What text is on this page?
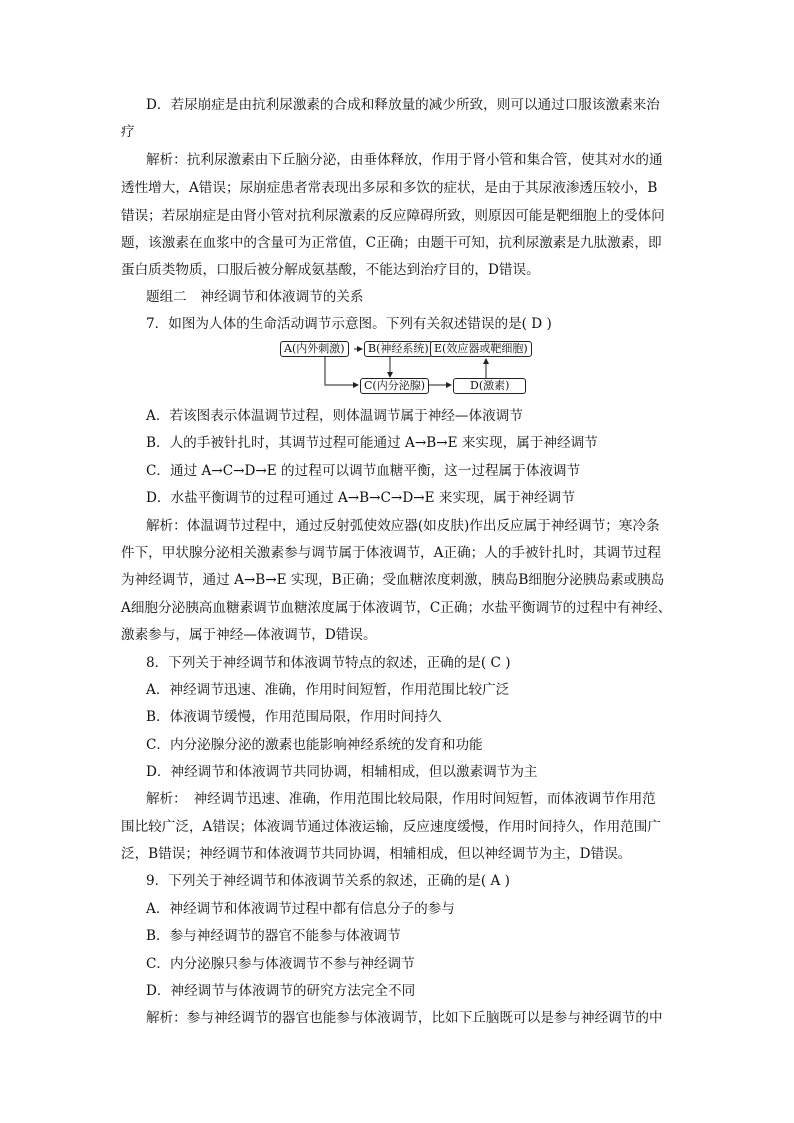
D．若尿崩症是由抗利尿激素的合成和释放量的减少所致，则可以通过口服该激素来治
疗
解析：抗利尿激素由下丘脑分泌，由垂体释放，作用于肾小管和集合管，使其对水的通
透性增大，A错误；尿崩症患者常表现出多尿和多饮的症状，是由于其尿液渗透压较小，B
错误；若尿崩症是由肾小管对抗利尿激素的反应障碍所致，则原因可能是靶细胞上的受体问
题，该激素在血浆中的含量可为正常值，C正确；由题干可知，抗利尿激素是九肽激素，即
蛋白质类物质，口服后被分解成氨基酸，不能达到治疗目的，D错误。
题组二　神经调节和体液调节的关系
7．如图为人体的生命活动调节示意图。下列有关叙述错误的是( D )
A(内外刺激)	B(神经系统) E(效应器或靶细胞)
C(内分泌腺)	D(激素)
A．若该图表示体温调节过程，则体温调节属于神经—体液调节
B．人的手被针扎时，其调节过程可能通过 A→B→E 来实现，属于神经调节
C．通过 A→C→D→E 的过程可以调节血糖平衡，这一过程属于体液调节
D．水盐平衡调节的过程可通过 A→B→C→D→E 来实现，属于神经调节
解析：体温调节过程中，通过反射弧使效应器(如皮肤)作出反应属于神经调节；寒冷条
件下，甲状腺分泌相关激素参与调节属于体液调节，A正确；人的手被针扎时，其调节过程
为神经调节，通过 A→B→E 实现，B正确；受血糖浓度刺激，胰岛B细胞分泌胰岛素或胰岛
A细胞分泌胰高血糖素调节血糖浓度属于体液调节，C正确；水盐平衡调节的过程中有神经、
激素参与，属于神经—体液调节，D错误。
8．下列关于神经调节和体液调节特点的叙述，正确的是( C )
A．神经调节迅速、准确，作用时间短暂，作用范围比较广泛
B．体液调节缓慢，作用范围局限，作用时间持久
C．内分泌腺分泌的激素也能影响神经系统的发育和功能
D．神经调节和体液调节共同协调，相辅相成，但以激素调节为主
解析：　神经调节迅速、准确，作用范围比较局限，作用时间短暂，而体液调节作用范
围比较广泛，A错误；体液调节通过体液运输，反应速度缓慢，作用时间持久，作用范围广
泛，B错误；神经调节和体液调节共同协调，相辅相成，但以神经调节为主，D错误。
9．下列关于神经调节和体液调节关系的叙述，正确的是( A )
A．神经调节和体液调节过程中都有信息分子的参与
B．参与神经调节的器官不能参与体液调节
C．内分泌腺只参与体液调节不参与神经调节
D．神经调节与体液调节的研究方法完全不同
解析：参与神经调节的器官也能参与体液调节，比如下丘脑既可以是参与神经调节的中
